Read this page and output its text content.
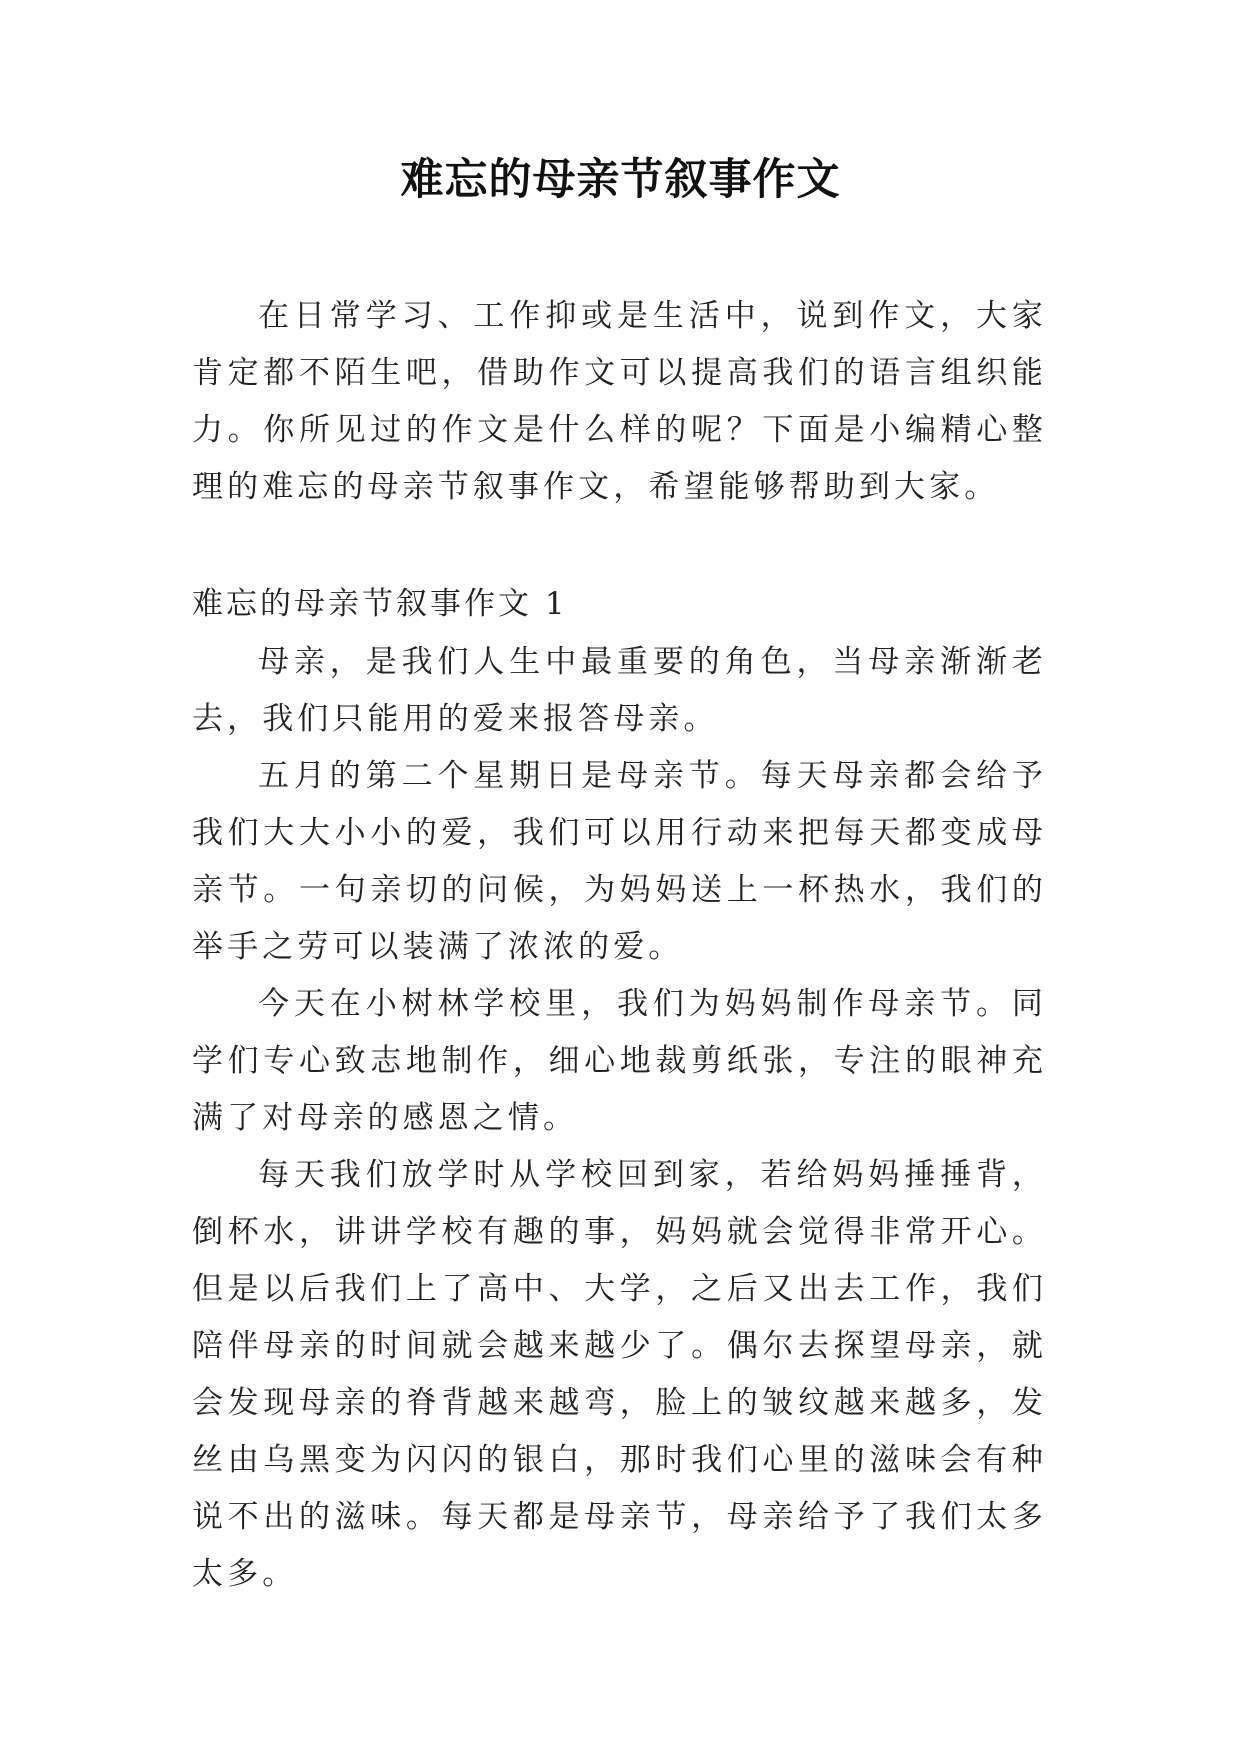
难忘的母亲节叙事作文

在日常学习、工作抑或是生活中，说到作文，大家肯定都不陌生吧，借助作文可以提高我们的语言组织能力。你所见过的作文是什么样的呢？下面是小编精心整理的难忘的母亲节叙事作文，希望能够帮助到大家。

难忘的母亲节叙事作文 1

母亲，是我们人生中最重要的角色，当母亲渐渐老去，我们只能用的爱来报答母亲。

五月的第二个星期日是母亲节。每天母亲都会给予我们大大小小的爱，我们可以用行动来把每天都变成母亲节。一句亲切的问候，为妈妈送上一杯热水，我们的举手之劳可以装满了浓浓的爱。

今天在小树林学校里，我们为妈妈制作母亲节。同学们专心致志地制作，细心地裁剪纸张，专注的眼神充满了对母亲的感恩之情。

每天我们放学时从学校回到家，若给妈妈捶捶背，倒杯水，讲讲学校有趣的事，妈妈就会觉得非常开心。但是以后我们上了高中、大学，之后又出去工作，我们陪伴母亲的时间就会越来越少了。偶尔去探望母亲，就会发现母亲的脊背越来越弯，脸上的皱纹越来越多，发丝由乌黑变为闪闪的银白，那时我们心里的滋味会有种说不出的滋味。每天都是母亲节，母亲给予了我们太多太多。
